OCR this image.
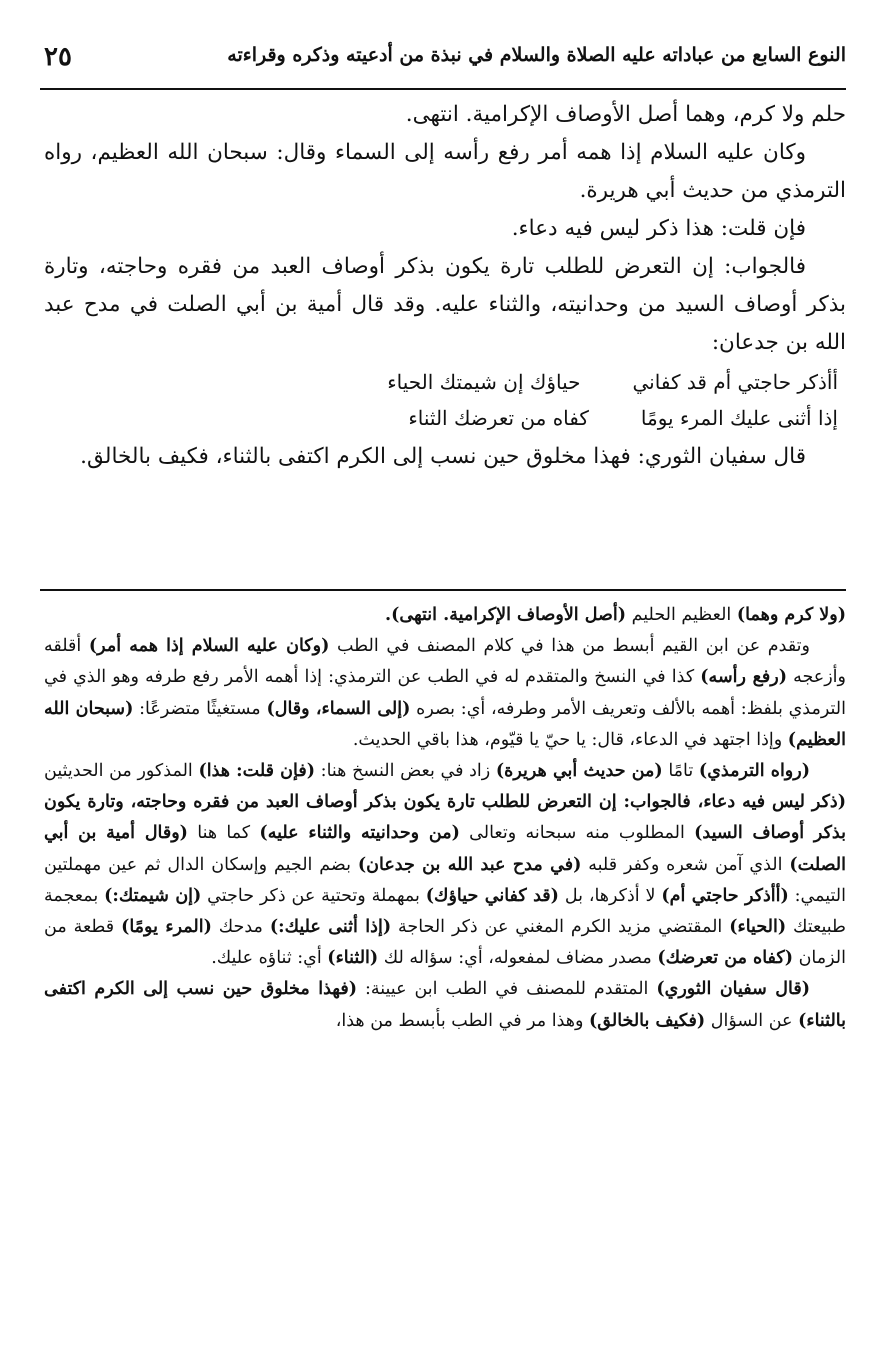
٢٥	النوع السابع من عباداته عليه الصلاة والسلام في نبذة من أدعيته وذكره وقراءته

حلم ولا كرم، وهما أصل الأوصاف الإكرامية. انتهى.

وكان عليه السلام إذا همه أمر رفع رأسه إلى السماء وقال: سبحان الله العظيم، رواه الترمذي من حديث أبي هريرة.

فإن قلت: هذا ذكر ليس فيه دعاء.

فالجواب: إن التعرض للطلب تارة يكون بذكر أوصاف العبد من فقره وحاجته، وتارة بذكر أوصاف السيد من وحدانيته، والثناء عليه. وقد قال أمية بن أبي الصلت في مدح عبد الله بن جدعان:

أأذكر حاجتي أم قد كفاني
حياؤك إن شيمتك الحياء
إذا أثنى عليك المرء يومًا
كفاه من تعرضك الثناء

قال سفيان الثوري: فهذا مخلوق حين نسب إلى الكرم اكتفى بالثناء، فكيف بالخالق.

(ولا كرم وهما) العظيم الحليم (أصل الأوصاف الإكرامية. انتهى).

وتقدم عن ابن القيم أبسط من هذا في كلام المصنف في الطب (وكان عليه السلام إذا همه أمر) أقلقه وأزعجه (رفع رأسه) كذا في النسخ والمتقدم له في الطب عن الترمذي: إذا أهمه الأمر رفع طرفه وهو الذي في الترمذي بلفظ: أهمه بالألف وتعريف الأمر وطرفه، أي: بصره (إلى السماء، وقال) مستغيثًا متضرعًا: (سبحان الله العظيم) وإذا اجتهد في الدعاء، قال: يا حيّ يا قيّوم، هذا باقي الحديث.

(رواه الترمذي) تامًا (من حديث أبي هريرة) زاد في بعض النسخ هنا: (فإن قلت: هذا) المذكور من الحديثين (ذكر ليس فيه دعاء، فالجواب: إن التعرض للطلب تارة يكون بذكر أوصاف العبد من فقره وحاجته، وتارة يكون بذكر أوصاف السيد) المطلوب منه سبحانه وتعالى (من وحدانيته والثناء عليه) كما هنا (وقال أمية بن أبي الصلت) الذي آمن شعره وكفر قلبه (في مدح عبد الله بن جدعان) بضم الجيم وإسكان الدال ثم عين مهملتين التيمي: (أأذكر حاجتي أم) لا أذكرها، بل (قد كفاني حياؤك) بمهملة وتحتية عن ذكر حاجتي (إن شيمتك:) بمعجمة طبيعتك (الحياء) المقتضي مزيد الكرم المغني عن ذكر الحاجة (إذا أثنى عليك:) مدحك (المرء يومًا) قطعة من الزمان (كفاه من تعرضك) مصدر مضاف لمفعوله، أي: سؤاله لك (الثناء) أي: ثناؤه عليك.

(قال سفيان الثوري) المتقدم للمصنف في الطب ابن عيينة: (فهذا مخلوق حين نسب إلى الكرم اكتفى بالثناء) عن السؤال (فكيف بالخالق) وهذا مر في الطب بأبسط من هذا،
